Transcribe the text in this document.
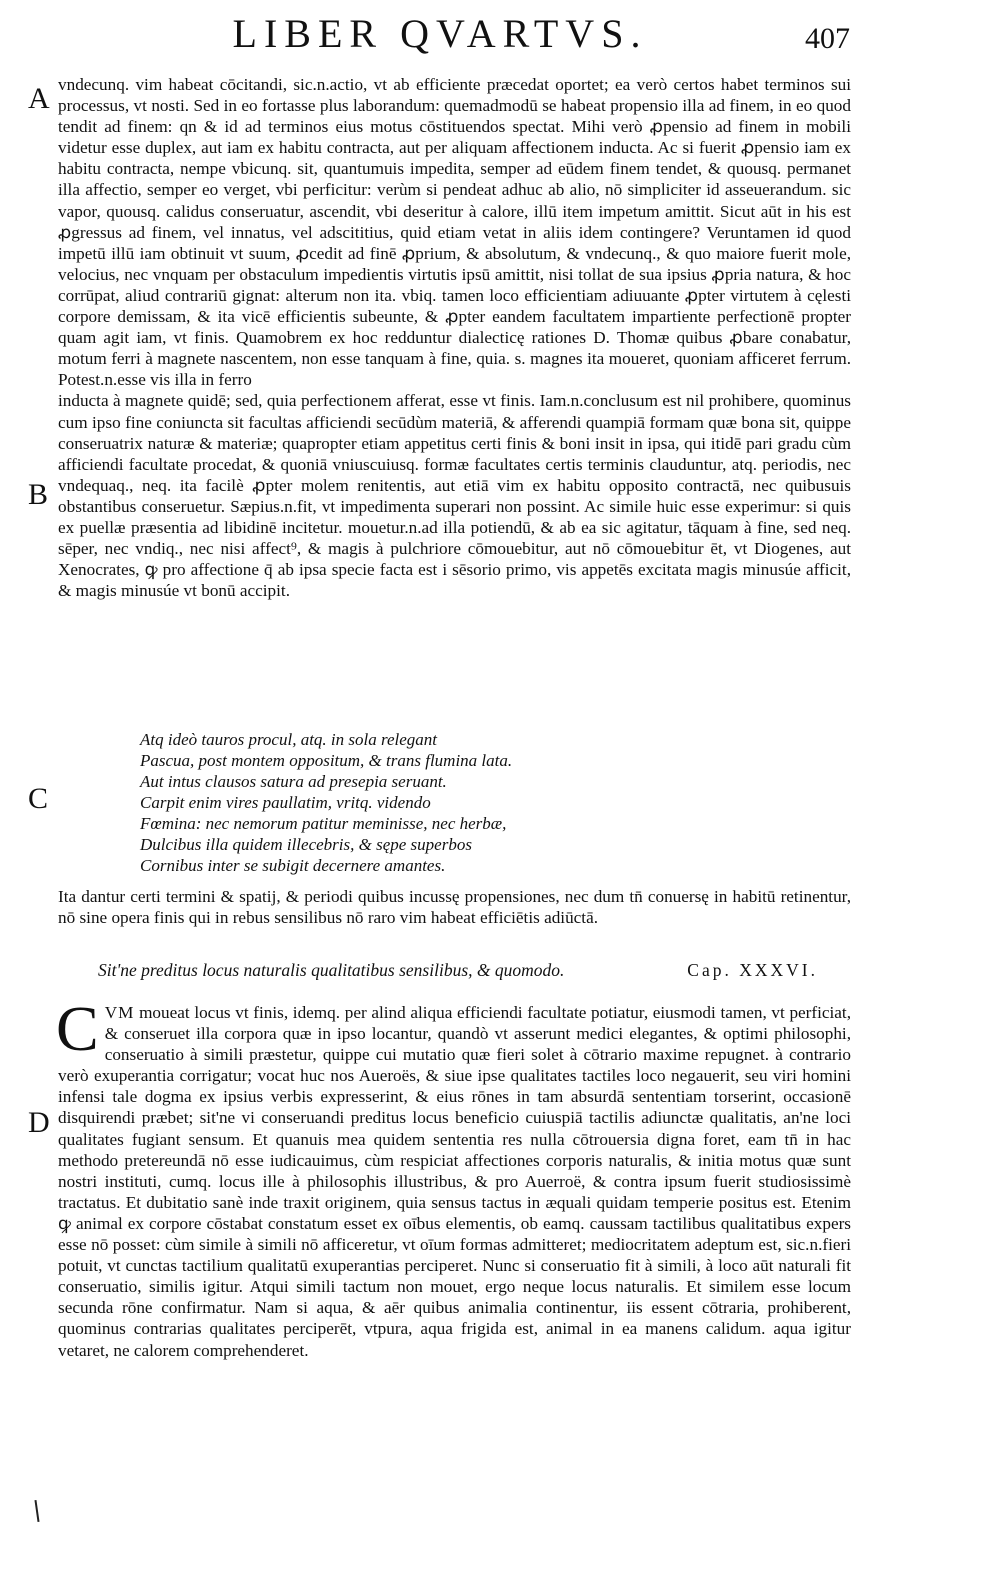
LIBER QVARTVS.	407
A
B
C
D

vndecunq. vim habeat cōcitandi, sic.n.actio, vt ab efficiente præcedat oportet; ea verò certos habet terminos sui processus, vt nosti. Sed in eo fortasse plus laborandum: quemadmodū se habeat propensio illa ad finem, in eo quod tendit ad finem: qn & id ad terminos eius motus cōstituendos spectat. Mihi verò ꝓpensio ad finem in mobili videtur esse duplex, aut iam ex habitu contracta, aut per aliquam affectionem inducta. Ac si fuerit ꝓpensio iam ex habitu contracta, nempe vbicunq. sit, quantumuis impedita, semper ad eūdem finem tendet, & quousq. permanet illa affectio, semper eo verget, vbi perficitur: verùm si pendeat adhuc ab alio, nō simpliciter id asseuerandum. sic vapor, quousq. calidus conseruatur, ascendit, vbi deseritur à calore, illū item impetum amittit. Sicut aūt in his est ꝓgressus ad finem, vel innatus, vel adscititius, quid etiam vetat in aliis idem contingere? Veruntamen id quod impetū illū iam obtinuit vt suum, ꝓcedit ad finē ꝓprium, & absolutum, & vndecunq., & quo maiore fuerit mole, velocius, nec vnquam per obstaculum impedientis virtutis ipsū amittit, nisi tollat de sua ipsius ꝓpria natura, & hoc corrūpat, aliud contrariū gignat: alterum non ita. vbiq. tamen loco efficientiam adiuuante ꝓpter virtutem à cęlesti corpore demissam, & ita vicē efficientis subeunte, & ꝓpter eandem facultatem impartiente perfectionē propter quam agit iam, vt finis. Quamobrem ex hoc redduntur dialecticę rationes D. Thomæ quibus ꝓbare conabatur, motum ferri à magnete nascentem, non esse tanquam à fine, quia. s. magnes ita moueret, quoniam afficeret ferrum. Potest.n.esse vis illa in ferro

inducta à magnete quidē; sed, quia perfectionem afferat, esse vt finis. Iam.n.conclusum est nil prohibere, quominus cum ipso fine coniuncta sit facultas afficiendi secūdùm materiā, & afferendi quampiā formam quæ bona sit, quippe conseruatrix naturæ & materiæ; quapropter etiam appetitus certi finis & boni insit in ipsa, qui itidē pari gradu cùm afficiendi facultate procedat, & quoniā vniuscuiusq. formæ facultates certis terminis clauduntur, atq. periodis, nec vndequaq., neq. ita facilè ꝓpter molem renitentis, aut etiā vim ex habitu opposito contractā, nec quibusuis obstantibus conseruetur. Sæpius.n.fit, vt impedimenta superari non possint. Ac simile huic esse experimur: si quis ex puellæ præsentia ad libidinē incitetur. mouetur.n.ad illa potiendū, & ab ea sic agitatur, tāquam à fine, sed neq. sēper, nec vndiq., nec nisi affect⁹, & magis à pulchriore cōmouebitur, aut nō cōmouebitur ēt, vt Diogenes, aut Xenocrates, ꝙ pro affectione q̄ ab ipsa specie facta est i sēsorio primo, vis appetēs excitata magis minusúe afficit, & magis minusúe vt bonū accipit.

Atq ideò tauros procul, atq. in sola relegant
Pascua, post montem oppositum, & trans flumina lata.
Aut intus clausos satura ad presepia seruant.
Carpit enim vires paullatim, vritq. videndo
Fœmina: nec nemorum patitur meminisse, nec herbæ,
Dulcibus illa quidem illecebris, & sępe superbos
Cornibus inter se subigit decernere amantes.

Ita dantur certi termini & spatij, & periodi quibus incussę propensiones, nec dum tn̄ conuersę in habitū retinentur, nō sine opera finis qui in rebus sensilibus nō raro vim habeat efficiētis adiūctā.

Sit'ne preditus locus naturalis qualitatibus sensilibus, & quomodo.	Cap. XXXVI.

CVM moueat locus vt finis, idemq. per alind aliqua efficiendi facultate potiatur, eiusmodi tamen, vt perficiat, & conseruet illa corpora quæ in ipso locantur, quandò vt asserunt medici elegantes, & optimi philosophi, conseruatio à simili præstetur, quippe cui mutatio quæ fieri solet à cōtrario maxime repugnet. à contrario verò exuperantia corrigatur; vocat huc nos Aueroës, & siue ipse qualitates tactiles loco negauerit, seu viri homini infensi tale dogma ex ipsius verbis expresserint, & eius rōnes in tam absurdā sententiam torserint, occasionē disquirendi præbet; sit'ne vi conseruandi preditus locus beneficio cuiuspiā tactilis adiunctæ qualitatis, an'ne loci qualitates fugiant sensum. Et quanuis mea quidem sententia res nulla cōtrouersia digna foret, eam tn̄ in hac methodo pretereundā nō esse iudicauimus, cùm respiciat affectiones corporis naturalis, & initia motus quæ sunt nostri instituti, cumq. locus ille à philosophis illustribus, & pro Auerroë, & contra ipsum fuerit studiosissimè tractatus. Et dubitatio sanè inde traxit originem, quia sensus tactus in æquali quidam temperie positus est. Etenim ꝙ animal ex corpore cōstabat constatum esset ex oībus elementis, ob eamq. caussam tactilibus qualitatibus expers esse nō posset: cùm simile à simili nō afficeretur, vt oīum formas admitteret; mediocritatem adeptum est, sic.n.fieri potuit, vt cunctas tactilium qualitatū exuperantias perciperet. Nunc si conseruatio fit à simili, à loco aūt naturali fit conseruatio, similis igitur. Atqui simili tactum non mouet, ergo neque locus naturalis. Et similem esse locum secunda rōne confirmatur. Nam si aqua, & aēr quibus animalia continentur, iis essent cōtraria, prohiberent, quominus contrarias qualitates perciperēt, vtpura, aqua frigida est, animal in ea manens calidum. aqua igitur vetaret, ne calorem comprehenderet.
